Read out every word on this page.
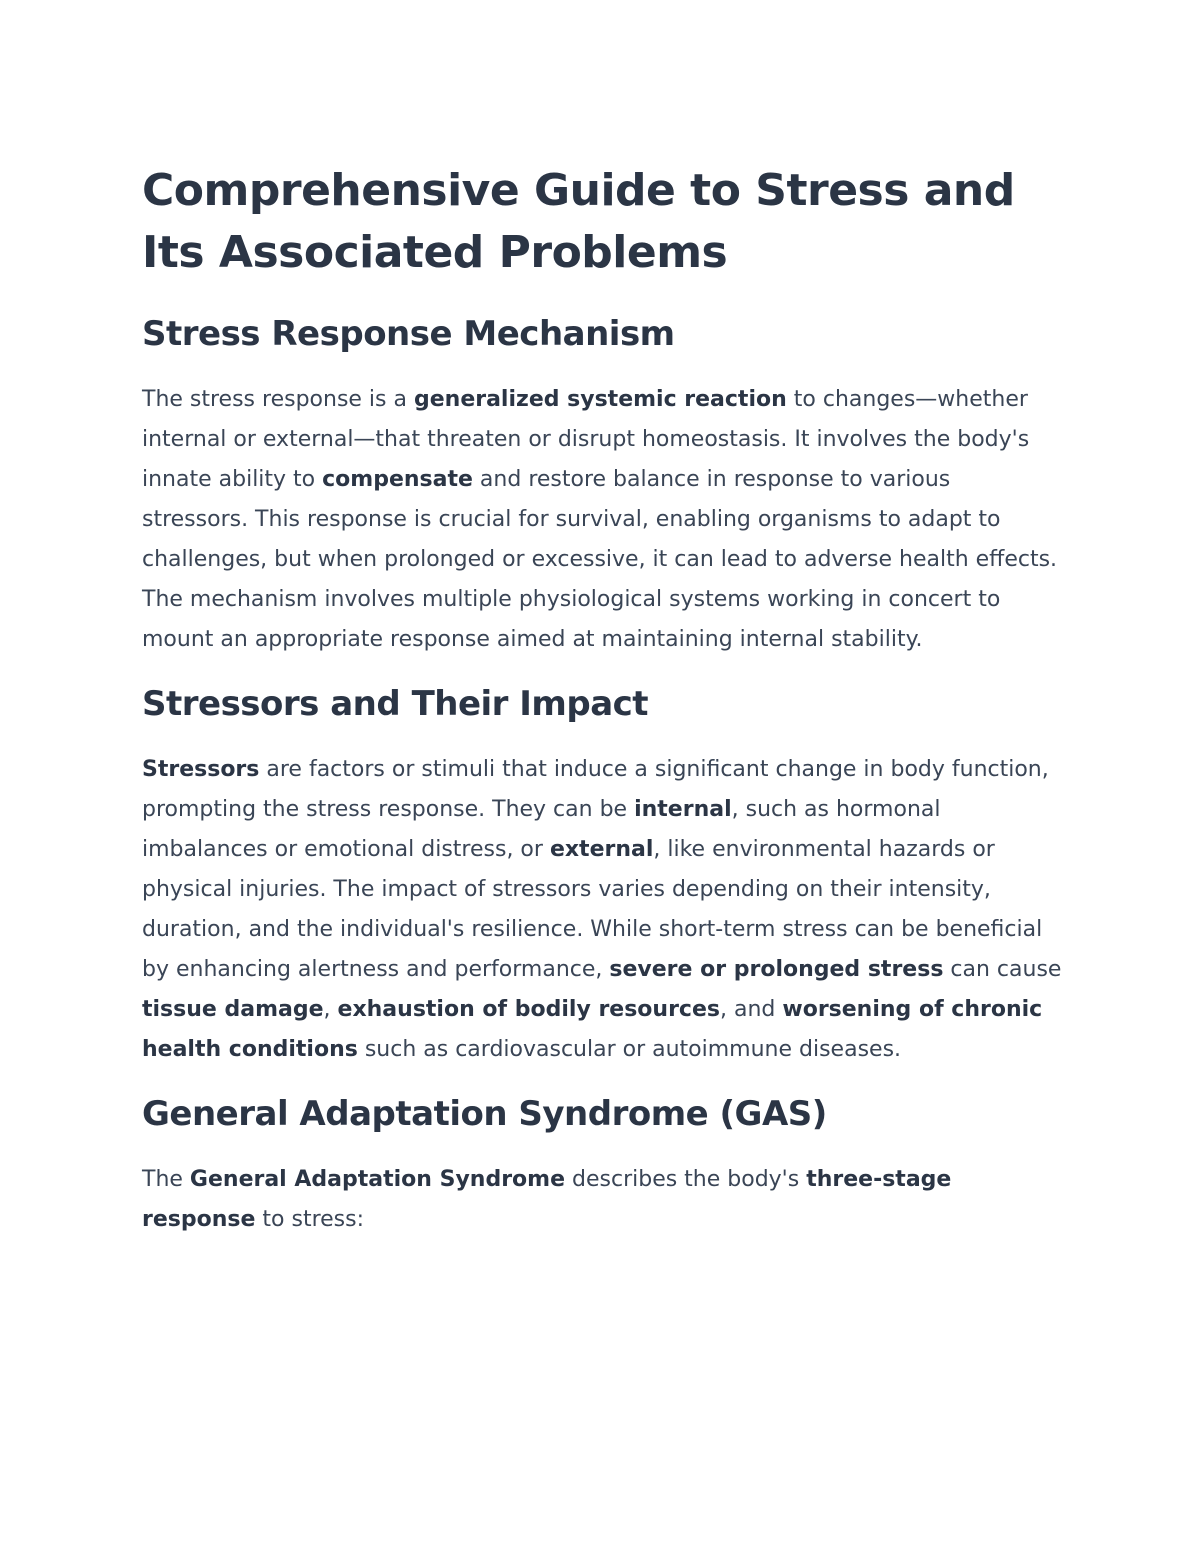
Comprehensive Guide to Stress and Its Associated Problems
Stress Response Mechanism

The stress response is a generalized systemic reaction to changes—whether internal or external—that threaten or disrupt homeostasis. It involves the body's innate ability to compensate and restore balance in response to various stressors. This response is crucial for survival, enabling organisms to adapt to challenges, but when prolonged or excessive, it can lead to adverse health effects. The mechanism involves multiple physiological systems working in concert to mount an appropriate response aimed at maintaining internal stability.

Stressors and Their Impact

Stressors are factors or stimuli that induce a significant change in body function, prompting the stress response. They can be internal, such as hormonal imbalances or emotional distress, or external, like environmental hazards or physical injuries. The impact of stressors varies depending on their intensity, duration, and the individual's resilience. While short-term stress can be beneficial by enhancing alertness and performance, severe or prolonged stress can cause tissue damage, exhaustion of bodily resources, and worsening of chronic health conditions such as cardiovascular or autoimmune diseases.

General Adaptation Syndrome (GAS)

The General Adaptation Syndrome describes the body's three-stage response to stress:
